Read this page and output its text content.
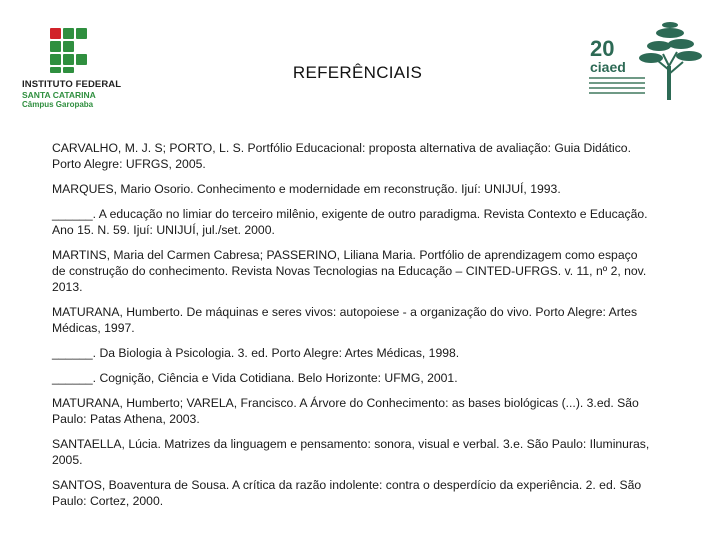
INSTITUTO FEDERAL
SANTA CATARINA
Câmpus Garopaba
REFERÊNCIAIS
20
ciaed

CARVALHO, M. J. S; PORTO, L. S. Portfólio Educacional: proposta alternativa de avaliação: Guia Didático. Porto Alegre: UFRGS, 2005.

MARQUES, Mario Osorio. Conhecimento e modernidade em reconstrução. Ijuí: UNIJUÍ, 1993.

______. A educação no limiar do terceiro milênio, exigente de outro paradigma. Revista Contexto e Educação. Ano 15. N. 59. Ijuí: UNIJUÍ, jul./set. 2000.

MARTINS, Maria del Carmen Cabresa; PASSERINO, Liliana Maria. Portfólio de aprendizagem como espaço de construção do conhecimento. Revista Novas Tecnologias na Educação – CINTED-UFRGS. v. 11, nº 2, nov. 2013.

MATURANA, Humberto. De máquinas e seres vivos: autopoiese - a organização do vivo. Porto Alegre: Artes Médicas, 1997.

______. Da Biologia à Psicologia. 3. ed. Porto Alegre: Artes Médicas, 1998.

______. Cognição, Ciência e Vida Cotidiana. Belo Horizonte: UFMG, 2001.

MATURANA, Humberto; VARELA, Francisco. A Árvore do Conhecimento: as bases biológicas (...). 3.ed. São Paulo: Patas Athena, 2003.

SANTAELLA, Lúcia. Matrizes da linguagem e pensamento: sonora, visual e verbal. 3.e. São Paulo: Iluminuras, 2005.

SANTOS, Boaventura de Sousa. A crítica da razão indolente: contra o desperdício da experiência. 2. ed. São Paulo: Cortez, 2000.
